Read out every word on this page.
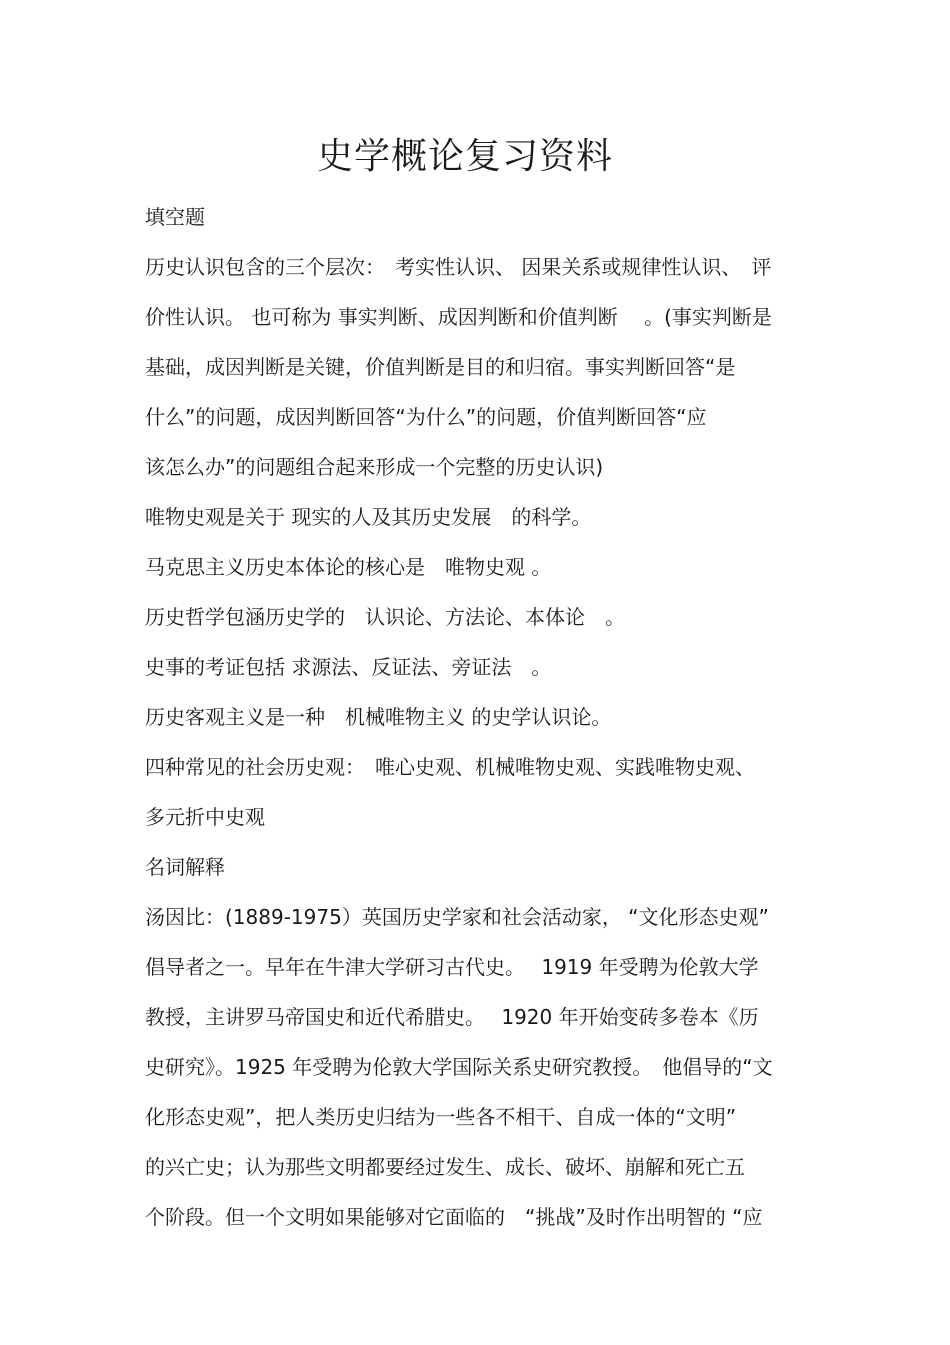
史学概论复习资料
填空题
历史认识包含的三个层次：　考实性认识、 因果关系或规律性认识、　评
价性认识。 也可称为 事实判断、成因判断和价值判断　 。(事实判断是
基础，成因判断是关键，价值判断是目的和归宿。事实判断回答“是
什么”的问题，成因判断回答“为什么”的问题，价值判断回答“应
该怎么办”的问题组合起来形成一个完整的历史认识)
唯物史观是关于 现实的人及其历史发展　的科学。
马克思主义历史本体论的核心是　唯物史观 。
历史哲学包涵历史学的　认识论、方法论、本体论　。
史事的考证包括 求源法、反证法、旁证法　。
历史客观主义是一种　机械唯物主义 的史学认识论。
四种常见的社会历史观：　唯心史观、机械唯物史观、实践唯物史观、
多元折中史观
名词解释
汤因比：(1889-1975）英国历史学家和社会活动家， “文化形态史观”
倡导者之一。早年在牛津大学研习古代史。　 1919 年受聘为伦敦大学
教授，主讲罗马帝国史和近代希腊史。　 1920 年开始变砖多卷本《历
史研究》。1925 年受聘为伦敦大学国际关系史研究教授。　他倡导的“文
化形态史观”，把人类历史归结为一些各不相干、自成一体的“文明”
的兴亡史；认为那些文明都要经过发生、成长、破坏、崩解和死亡五
个阶段。但一个文明如果能够对它面临的　“挑战”及时作出明智的 “应
